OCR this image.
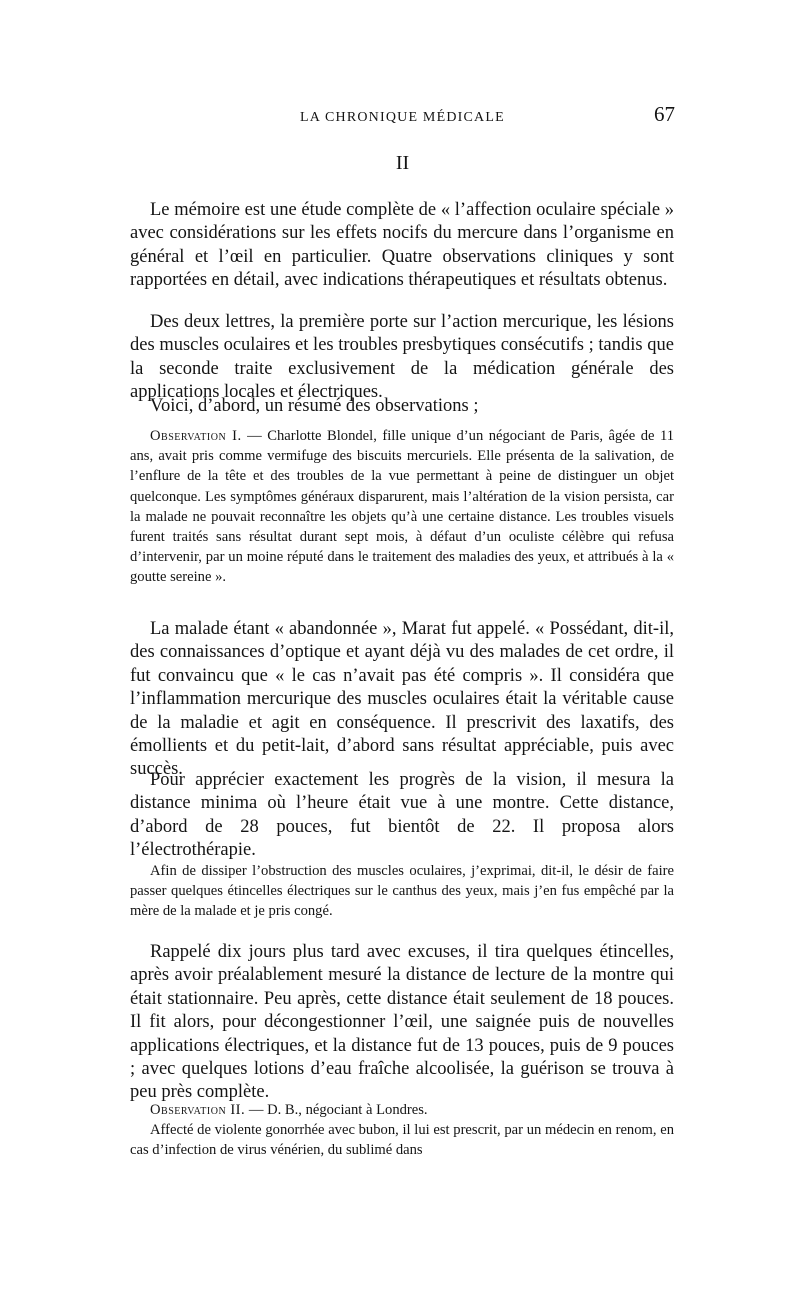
LA CHRONIQUE MÉDICALE	67
II

Le mémoire est une étude complète de « l’affection oculaire spéciale » avec considérations sur les effets nocifs du mercure dans l’organisme en général et l’œil en particulier. Quatre observations cliniques y sont rapportées en détail, avec indications thérapeutiques et résultats obtenus.

Des deux lettres, la première porte sur l’action mercurique, les lésions des muscles oculaires et les troubles presbytiques consécutifs ; tandis que la seconde traite exclusivement de la médication générale des applications locales et électriques.

Voici, d’abord, un résumé des observations ;

Observation I. — Charlotte Blondel, fille unique d’un négociant de Paris, âgée de 11 ans, avait pris comme vermifuge des biscuits mercuriels. Elle présenta de la salivation, de l’enflure de la tête et des troubles de la vue permettant à peine de distinguer un objet quelconque. Les symptômes généraux disparurent, mais l’altération de la vision persista, car la malade ne pouvait reconnaître les objets qu’à une certaine distance. Les troubles visuels furent traités sans résultat durant sept mois, à défaut d’un oculiste célèbre qui refusa d’intervenir, par un moine réputé dans le traitement des maladies des yeux, et attribués à la « goutte sereine ».

La malade étant « abandonnée », Marat fut appelé. « Possédant, dit-il, des connaissances d’optique et ayant déjà vu des malades de cet ordre, il fut convaincu que « le cas n’avait pas été compris ». Il considéra que l’inflammation mercurique des muscles oculaires était la véritable cause de la maladie et agit en conséquence. Il prescrivit des laxatifs, des émollients et du petit-lait, d’abord sans résultat appréciable, puis avec succès.

Pour apprécier exactement les progrès de la vision, il mesura la distance minima où l’heure était vue à une montre. Cette distance, d’abord de 28 pouces, fut bientôt de 22. Il proposa alors l’électrothérapie.

Afin de dissiper l’obstruction des muscles oculaires, j’exprimai, dit-il, le désir de faire passer quelques étincelles électriques sur le canthus des yeux, mais j’en fus empêché par la mère de la malade et je pris congé.

Rappelé dix jours plus tard avec excuses, il tira quelques étincelles, après avoir préalablement mesuré la distance de lecture de la montre qui était stationnaire. Peu après, cette distance était seulement de 18 pouces. Il fit alors, pour décongestionner l’œil, une saignée puis de nouvelles applications électriques, et la distance fut de 13 pouces, puis de 9 pouces ; avec quelques lotions d’eau fraîche alcoolisée, la guérison se trouva à peu près complète.

Observation II. — D. B., négociant à Londres.

Affecté de violente gonorrhée avec bubon, il lui est prescrit, par un médecin en renom, en cas d’infection de virus vénérien, du sublimé dans
